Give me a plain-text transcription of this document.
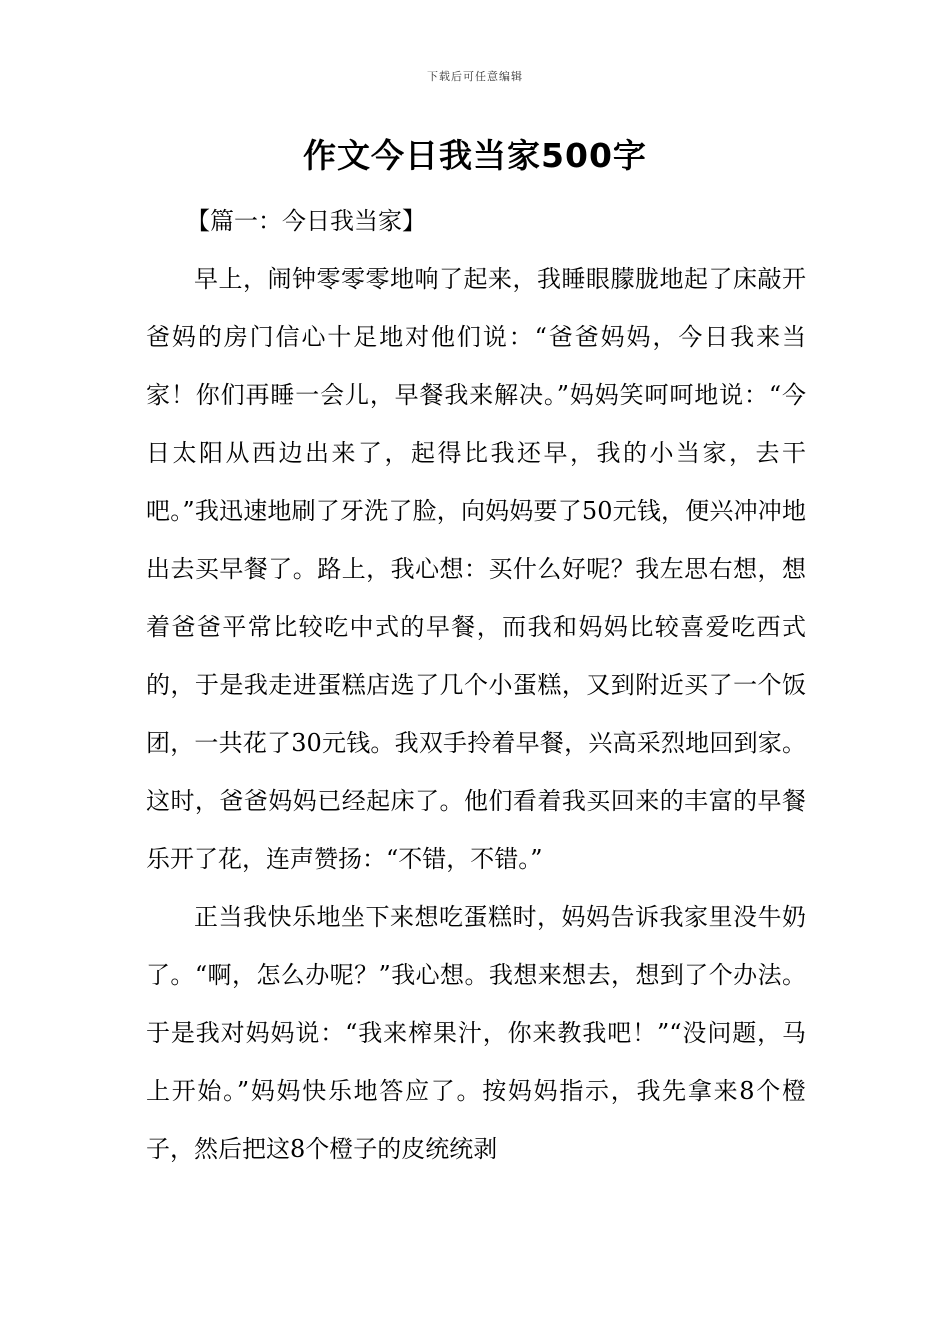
下载后可任意编辑
作文今日我当家500字
【篇一：今日我当家】

早上，闹钟零零零地响了起来，我睡眼朦胧地起了床敲开爸妈的房门信心十足地对他们说：“爸爸妈妈，今日我来当家！你们再睡一会儿，早餐我来解决。”妈妈笑呵呵地说：“今日太阳从西边出来了，起得比我还早，我的小当家，去干吧。”我迅速地刷了牙洗了脸，向妈妈要了50元钱，便兴冲冲地出去买早餐了。路上，我心想：买什么好呢？我左思右想，想着爸爸平常比较吃中式的早餐，而我和妈妈比较喜爱吃西式的，于是我走进蛋糕店选了几个小蛋糕，又到附近买了一个饭团，一共花了30元钱。我双手拎着早餐，兴高采烈地回到家。这时，爸爸妈妈已经起床了。他们看着我买回来的丰富的早餐乐开了花，连声赞扬：“不错，不错。”

正当我快乐地坐下来想吃蛋糕时，妈妈告诉我家里没牛奶了。“啊，怎么办呢？”我心想。我想来想去，想到了个办法。于是我对妈妈说：“我来榨果汁，你来教我吧！”“没问题，马上开始。”妈妈快乐地答应了。按妈妈指示，我先拿来8个橙子，然后把这8个橙子的皮统统剥
